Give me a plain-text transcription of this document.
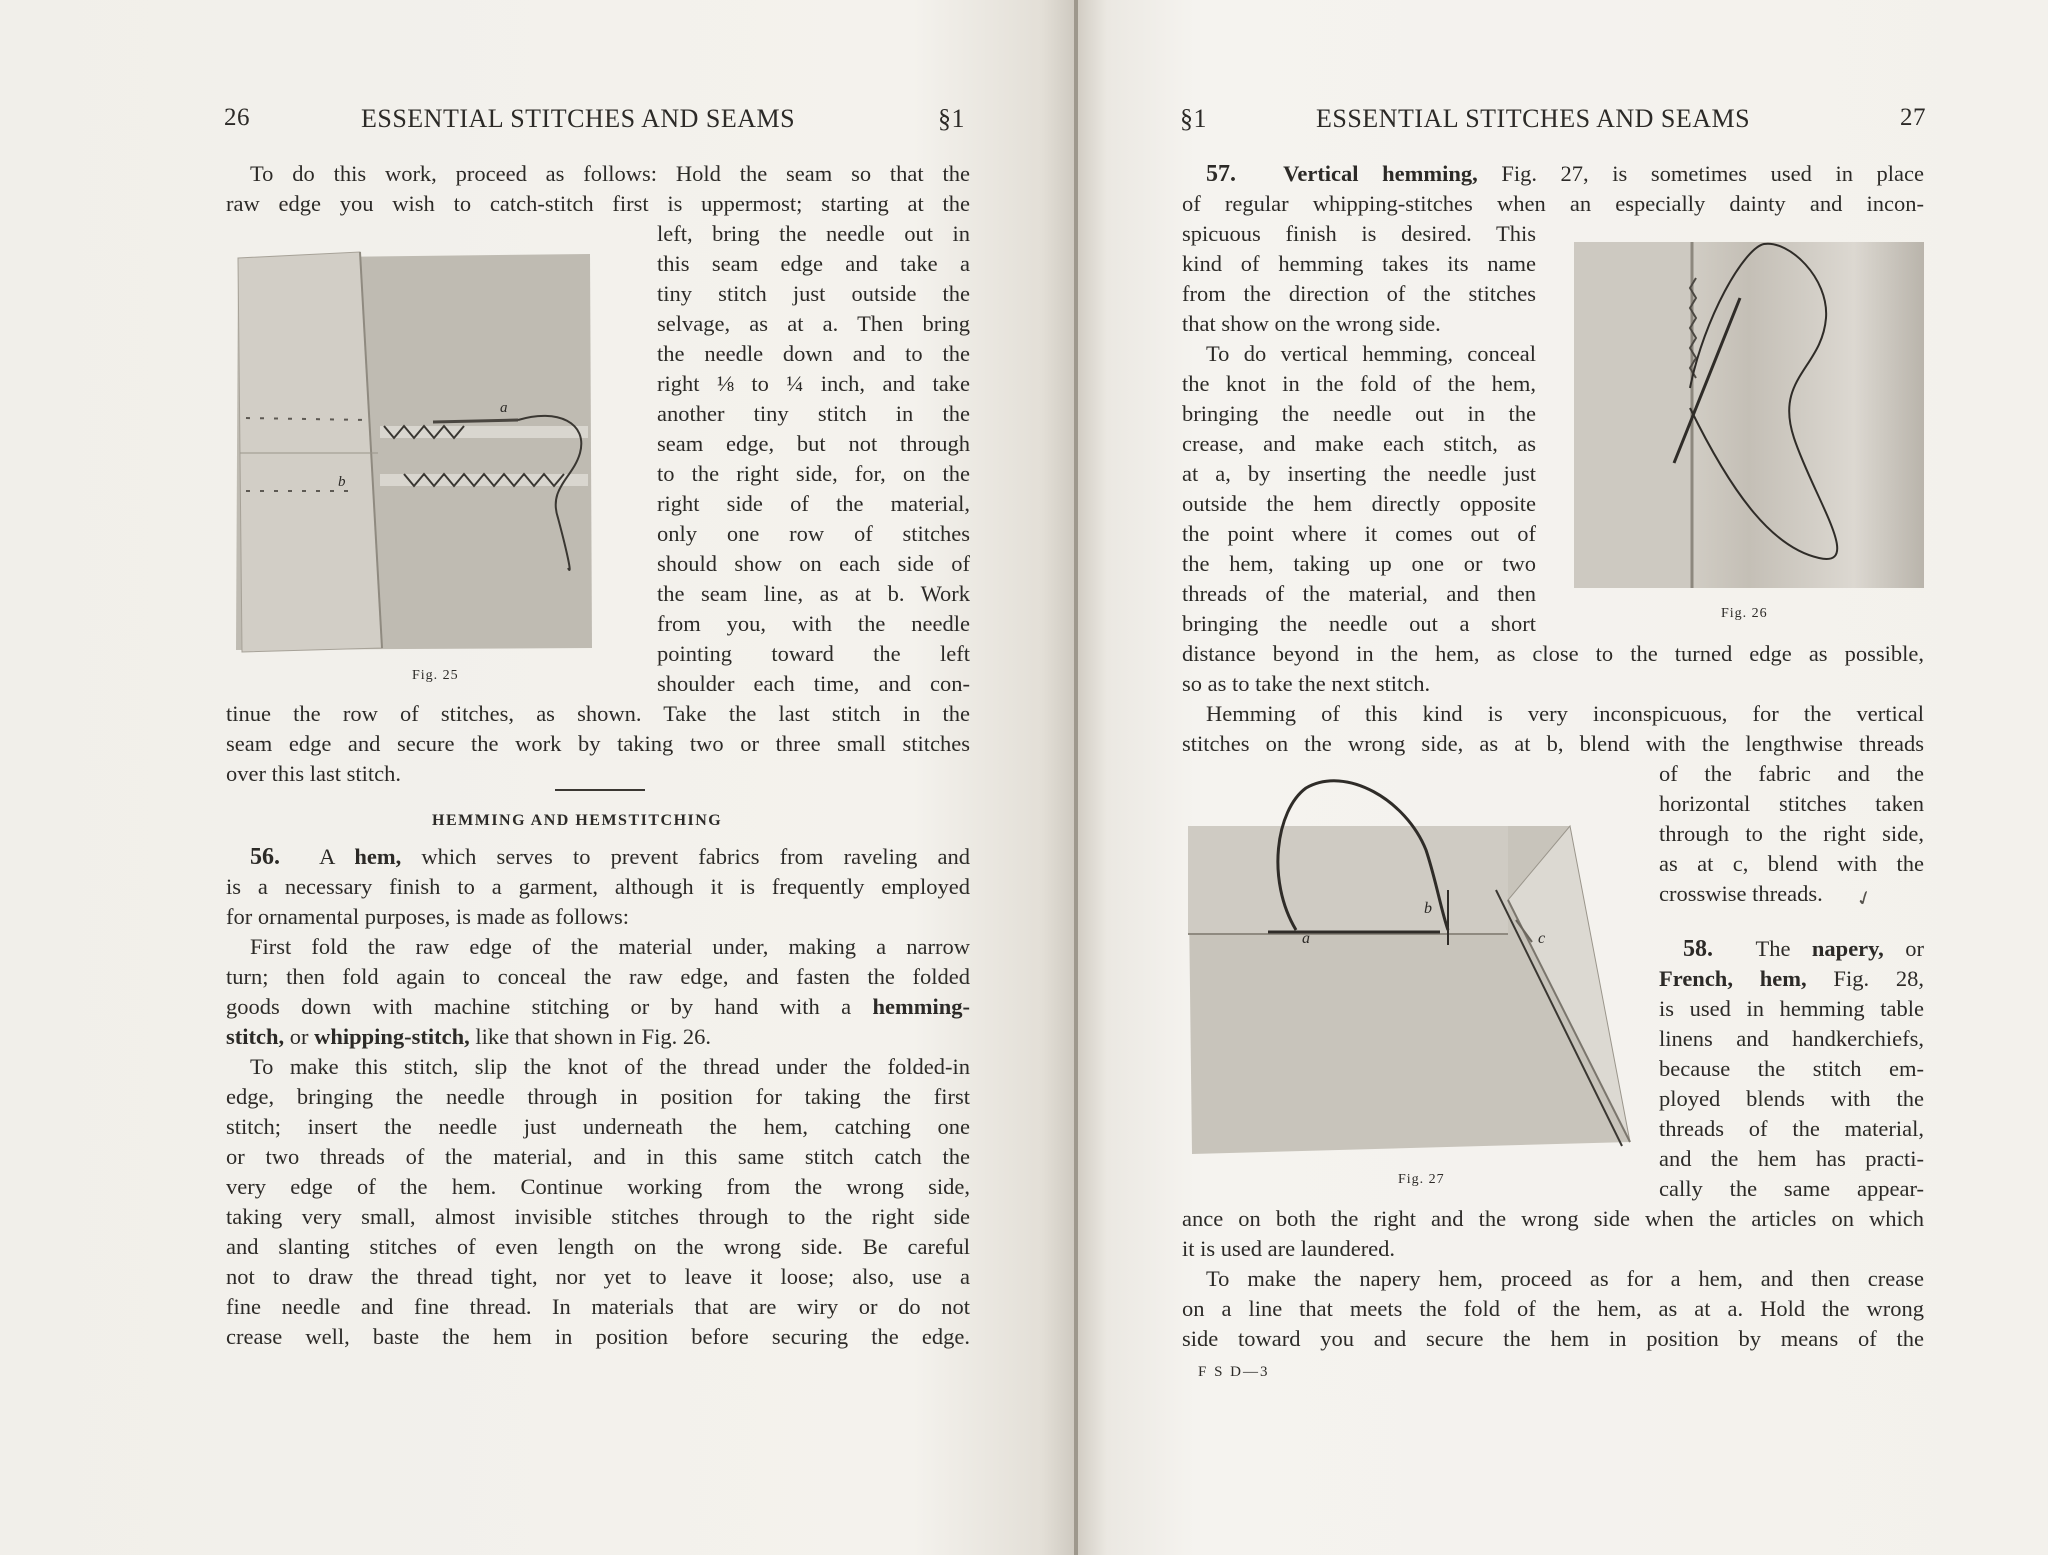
26	ESSENTIAL STITCHES AND SEAMS	§1
To do this work, proceed as follows: Hold the seam so that the
raw edge you wish to catch-stitch first is uppermost; starting at the
a
b
Fig. 25
left, bring the needle out in
this seam edge and take a
tiny stitch just outside the
selvage, as at a. Then bring
the needle down and to the
right ⅛ to ¼ inch, and take
another tiny stitch in the
seam edge, but not through
to the right side, for, on the
right side of the material,
only one row of stitches
should show on each side of
the seam line, as at b. Work
from you, with the needle
pointing toward the left
shoulder each time, and con-
tinue the row of stitches, as shown. Take the last stitch in the
seam edge and secure the work by taking two or three small stitches
over this last stitch.
HEMMING AND HEMSTITCHING
56. A hem, which serves to prevent fabrics from raveling and
is a necessary finish to a garment, although it is frequently employed
for ornamental purposes, is made as follows:
First fold the raw edge of the material under, making a narrow
turn; then fold again to conceal the raw edge, and fasten the folded
goods down with machine stitching or by hand with a hemming-
stitch, or whipping-stitch, like that shown in Fig. 26.
To make this stitch, slip the knot of the thread under the folded-in
edge, bringing the needle through in position for taking the first
stitch; insert the needle just underneath the hem, catching one
or two threads of the material, and in this same stitch catch the
very edge of the hem. Continue working from the wrong side,
taking very small, almost invisible stitches through to the right side
and slanting stitches of even length on the wrong side. Be careful
not to draw the thread tight, nor yet to leave it loose; also, use a
fine needle and fine thread. In materials that are wiry or do not
crease well, baste the hem in position before securing the edge.
§1	ESSENTIAL STITCHES AND SEAMS	27
57. Vertical hemming, Fig. 27, is sometimes used in place
of regular whipping-stitches when an especially dainty and incon-
spicuous finish is desired. This
kind of hemming takes its name
from the direction of the stitches
that show on the wrong side.
To do vertical hemming, conceal
the knot in the fold of the hem,
bringing the needle out in the
crease, and make each stitch, as
at a, by inserting the needle just
outside the hem directly opposite
the point where it comes out of
the hem, taking up one or two
threads of the material, and then
bringing the needle out a short	Fig. 26
distance beyond in the hem, as close to the turned edge as possible,
so as to take the next stitch.
Hemming of this kind is very inconspicuous, for the vertical
stitches on the wrong side, as at b, blend with the lengthwise threads
of the fabric and the
horizontal stitches taken
through to the right side,
as at c, blend with the
crosswise threads. ✓
a
b
c
Fig. 27
58. The napery, or
French, hem, Fig. 28,
is used in hemming table
linens and handkerchiefs,
because the stitch em-
ployed blends with the
threads of the material,
and the hem has practi-
cally the same appear-
ance on both the right and the wrong side when the articles on which
it is used are laundered.
To make the napery hem, proceed as for a hem, and then crease
on a line that meets the fold of the hem, as at a. Hold the wrong
side toward you and secure the hem in position by means of the
F S D—3
